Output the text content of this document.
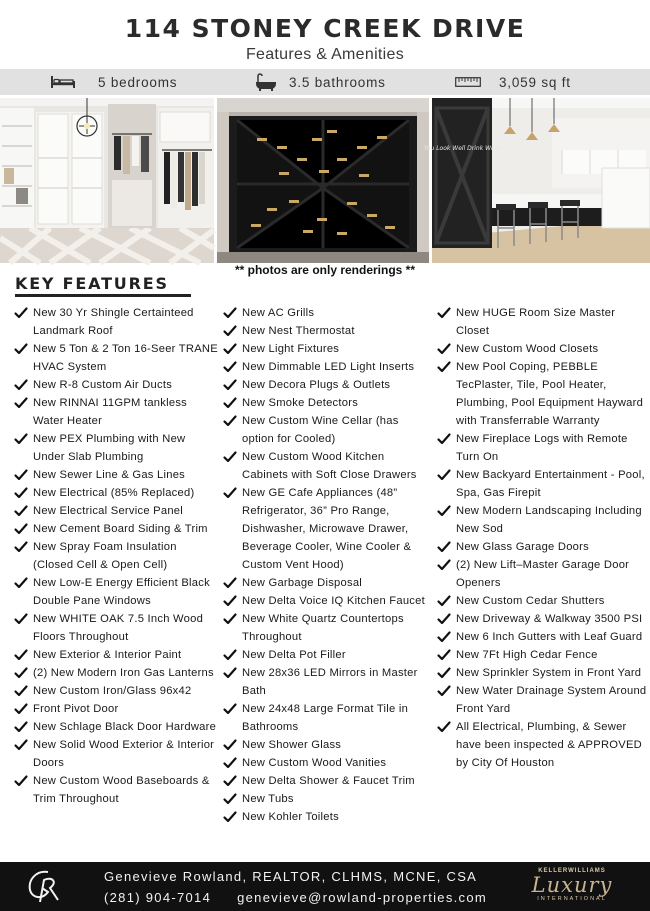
114 STONEY CREEK DRIVE
Features & Amenities
5 bedrooms	3.5 bathrooms	3,059 sq ft
You Look Well Drink Wine
** photos are only renderings **
KEY FEATURES
New 30 Yr Shingle Certainteed Landmark Roof
New 5 Ton & 2 Ton 16-Seer TRANE HVAC System
New R-8 Custom Air Ducts
New RINNAI 11GPM tankless Water Heater
New PEX Plumbing with New Under Slab Plumbing
New Sewer Line & Gas Lines
New Electrical (85% Replaced)
New Electrical Service Panel
New Cement Board Siding & Trim
New Spray Foam Insulation (Closed Cell & Open Cell)
New Low-E Energy Efficient Black Double Pane Windows
New WHITE OAK 7.5 Inch Wood Floors Throughout
New Exterior & Interior Paint
(2) New Modern Iron Gas Lanterns
New Custom Iron/Glass 96x42
Front Pivot Door
New Schlage Black Door Hardware
New Solid Wood Exterior & Interior Doors
New Custom Wood Baseboards & Trim Throughout
New AC Grills
New Nest Thermostat
New Light Fixtures
New Dimmable LED Light Inserts
New Decora Plugs & Outlets
New Smoke Detectors
New Custom Wine Cellar (has option for Cooled)
New Custom Wood Kitchen Cabinets with Soft Close Drawers
New GE Cafe Appliances (48” Refrigerator, 36” Pro Range, Dishwasher, Microwave Drawer, Beverage Cooler, Wine Cooler & Custom Vent Hood)
New Garbage Disposal
New Delta Voice IQ Kitchen Faucet
New White Quartz Countertops Throughout
New Delta Pot Filler
New 28x36 LED Mirrors in Master Bath
New 24x48 Large Format Tile in Bathrooms
New Shower Glass
New Custom Wood Vanities
New Delta Shower & Faucet Trim
New Tubs
New Kohler Toilets
New HUGE Room Size Master Closet
New Custom Wood Closets
New Pool Coping, PEBBLE TecPlaster, Tile, Pool Heater, Plumbing, Pool Equipment Hayward with Transferrable Warranty
New Fireplace Logs with Remote Turn On
New Backyard Entertainment - Pool, Spa, Gas Firepit
New Modern Landscaping Including New Sod
New Glass Garage Doors
(2) New Lift–Master Garage Door Openers
New Custom Cedar Shutters
New Driveway & Walkway 3500 PSI
New 6 Inch Gutters with Leaf Guard
New 7Ft High Cedar Fence
New Sprinkler System in Front Yard
New Water Drainage System Around Front Yard
All Electrical, Plumbing, & Sewer have been inspected & APPROVED by City Of Houston
Genevieve Rowland, REALTOR, CLHMS, MCNE, CSA
(281) 904-7014 genevieve@rowland-properties.com
KELLERWILLIAMS
Luxury
INTERNATIONAL
